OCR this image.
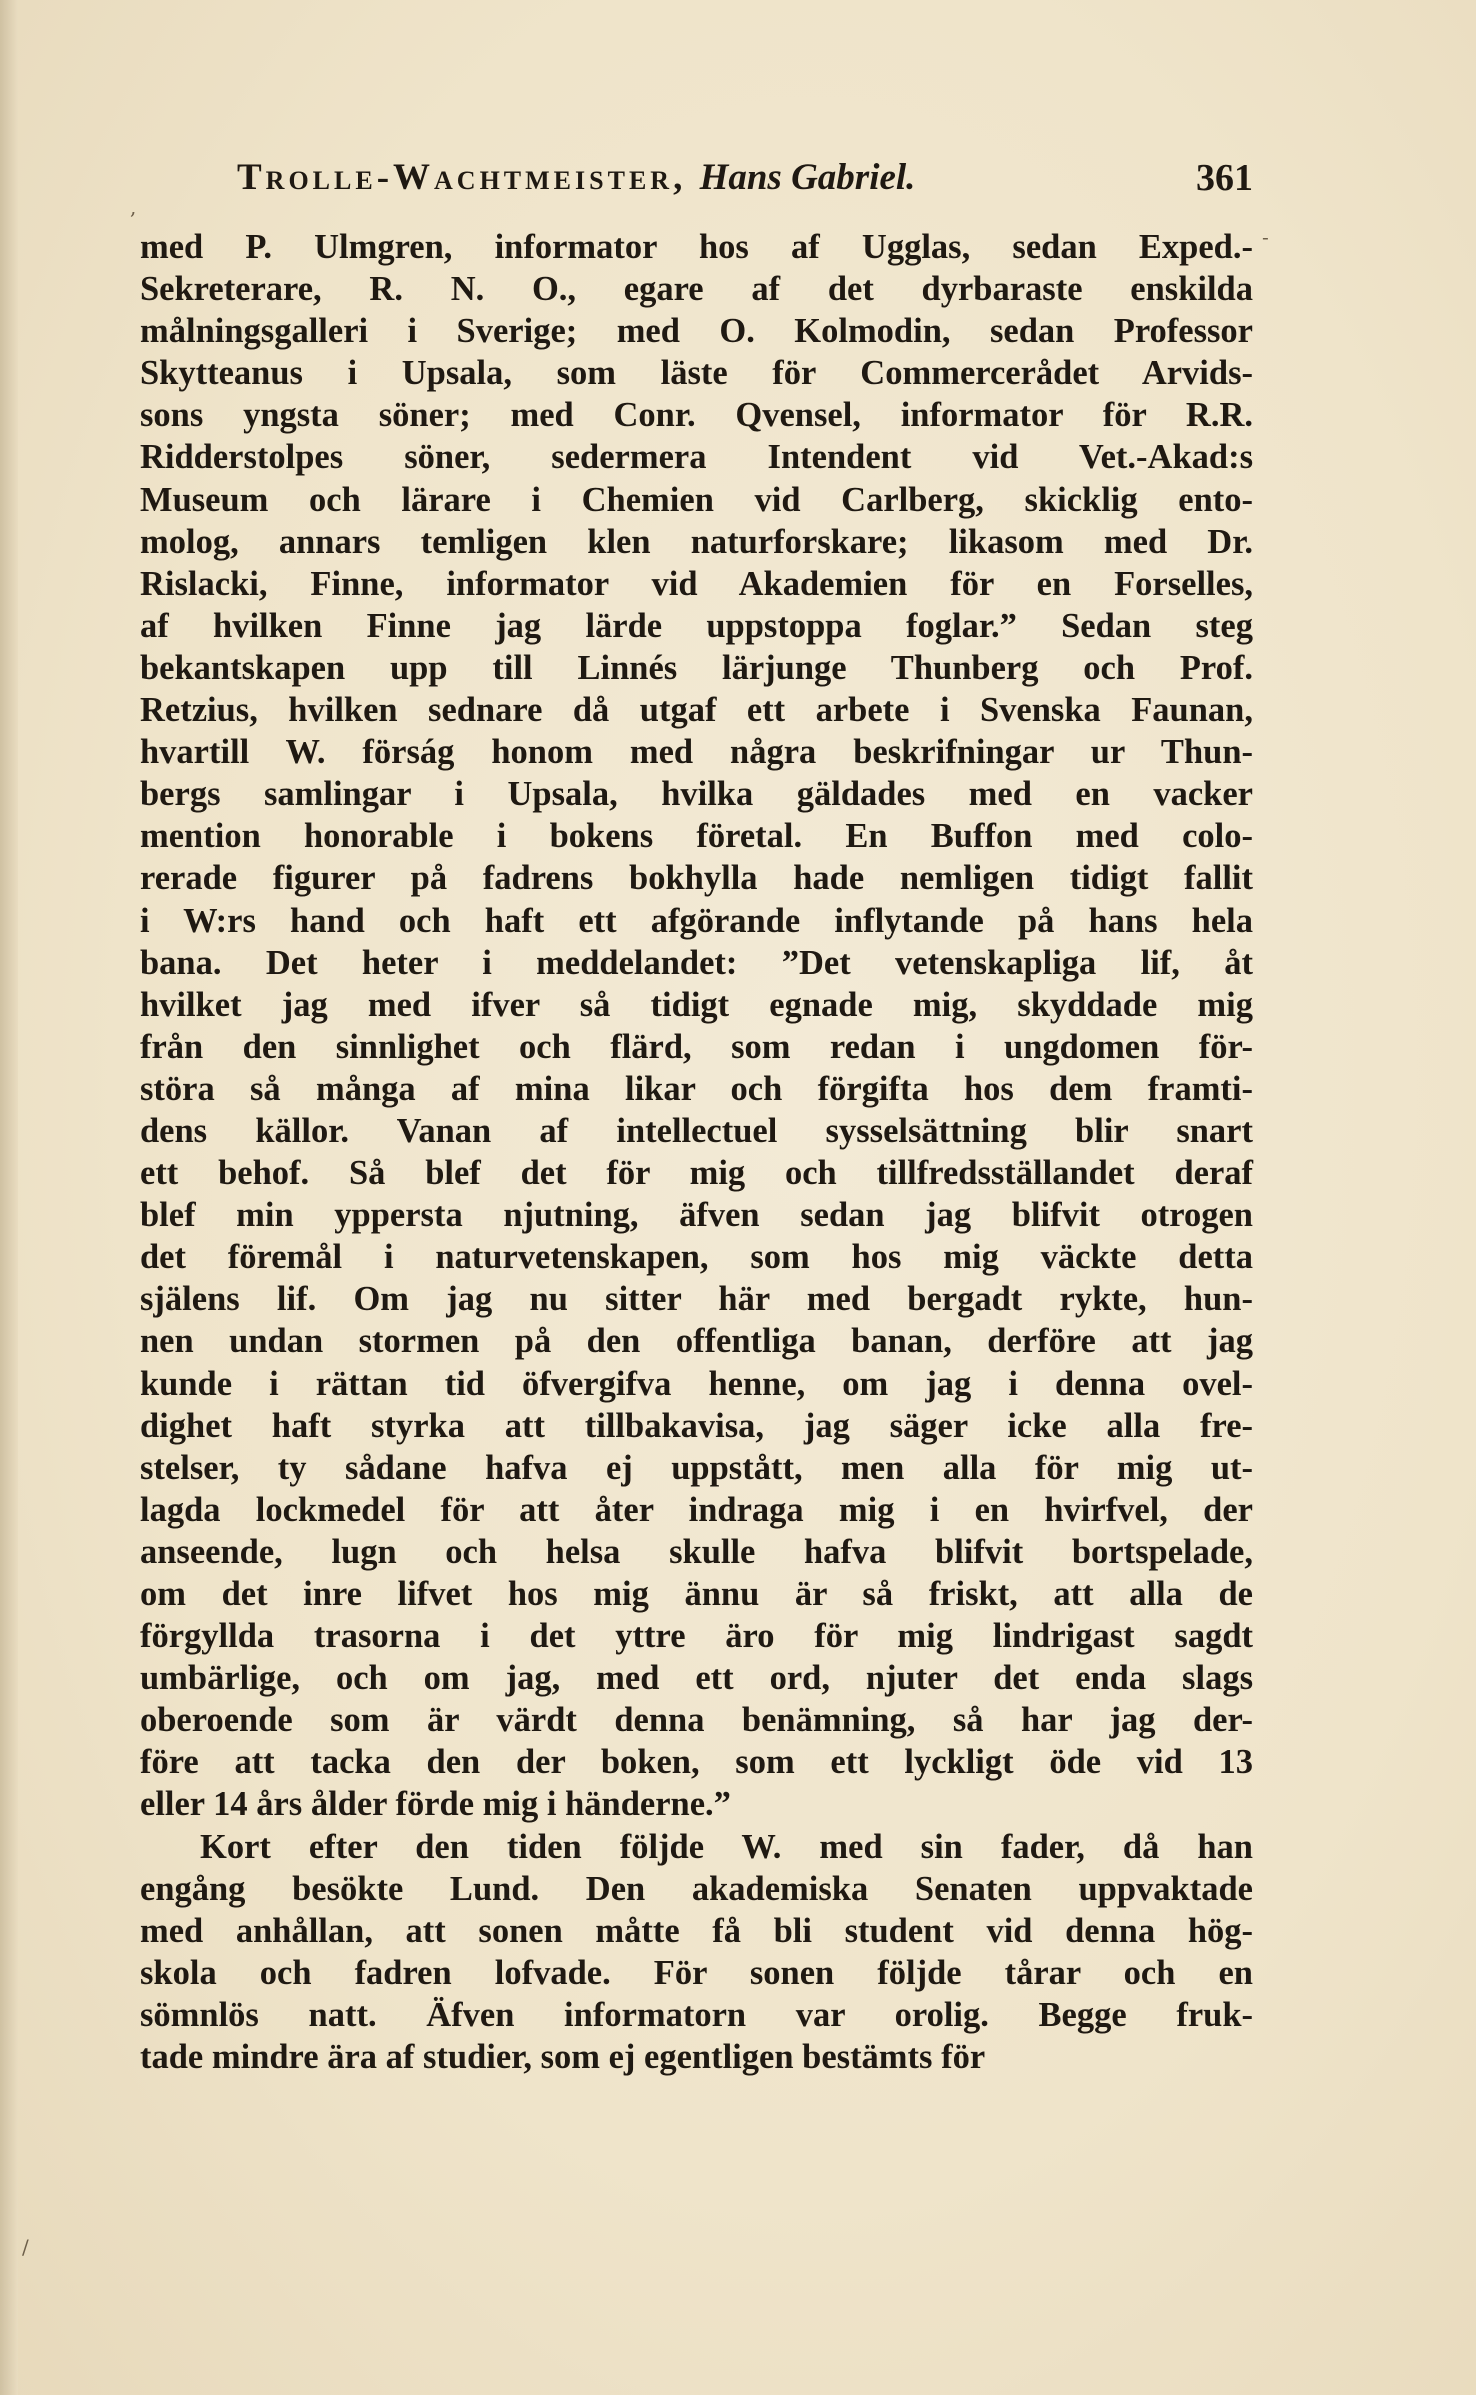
Trolle-Wachtmeister, Hans Gabriel.	361
med P. Ulmgren, informator hos af Ugglas, sedan Exped.-
Sekreterare, R. N. O., egare af det dyrbaraste enskilda
målningsgalleri i Sverige; med O. Kolmodin, sedan Professor
Skytteanus i Upsala, som läste för Commercerådet Arvids-
sons yngsta söner; med Conr. Qvensel, informator för R.R.
Ridderstolpes söner, sedermera Intendent vid Vet.-Akad:s
Museum och lärare i Chemien vid Carlberg, skicklig ento-
molog, annars temligen klen naturforskare; likasom med Dr.
Rislacki, Finne, informator vid Akademien för en Forselles,
af hvilken Finne jag lärde uppstoppa foglar.” Sedan steg
bekantskapen upp till Linnés lärjunge Thunberg och Prof.
Retzius, hvilken sednare då utgaf ett arbete i Svenska Faunan,
hvartill W. förság honom med några beskrifningar ur Thun-
bergs samlingar i Upsala, hvilka gäldades med en vacker
mention honorable i bokens företal. En Buffon med colo-
rerade figurer på fadrens bokhylla hade nemligen tidigt fallit
i W:rs hand och haft ett afgörande inflytande på hans hela
bana. Det heter i meddelandet: ”Det vetenskapliga lif, åt
hvilket jag med ifver så tidigt egnade mig, skyddade mig
från den sinnlighet och flärd, som redan i ungdomen för-
störa så många af mina likar och förgifta hos dem framti-
dens källor. Vanan af intellectuel sysselsättning blir snart
ett behof. Så blef det för mig och tillfredsställandet deraf
blef min yppersta njutning, äfven sedan jag blifvit otrogen
det föremål i naturvetenskapen, som hos mig väckte detta
själens lif. Om jag nu sitter här med bergadt rykte, hun-
nen undan stormen på den offentliga banan, derföre att jag
kunde i rättan tid öfvergifva henne, om jag i denna ovel-
dighet haft styrka att tillbakavisa, jag säger icke alla fre-
stelser, ty sådane hafva ej uppstått, men alla för mig ut-
lagda lockmedel för att åter indraga mig i en hvirfvel, der
anseende, lugn och helsa skulle hafva blifvit bortspelade,
om det inre lifvet hos mig ännu är så friskt, att alla de
förgyllda trasorna i det yttre äro för mig lindrigast sagdt
umbärlige, och om jag, med ett ord, njuter det enda slags
oberoende som är värdt denna benämning, så har jag der-
före att tacka den der boken, som ett lyckligt öde vid 13
eller 14 års ålder förde mig i händerne.”
Kort efter den tiden följde W. med sin fader, då han
engång besökte Lund. Den akademiska Senaten uppvaktade
med anhållan, att sonen måtte få bli student vid denna hög-
skola och fadren lofvade. För sonen följde tårar och en
sömnlös natt. Äfven informatorn var orolig. Begge fruk-
tade mindre ära af studier, som ej egentligen bestämts för
,
-
/
